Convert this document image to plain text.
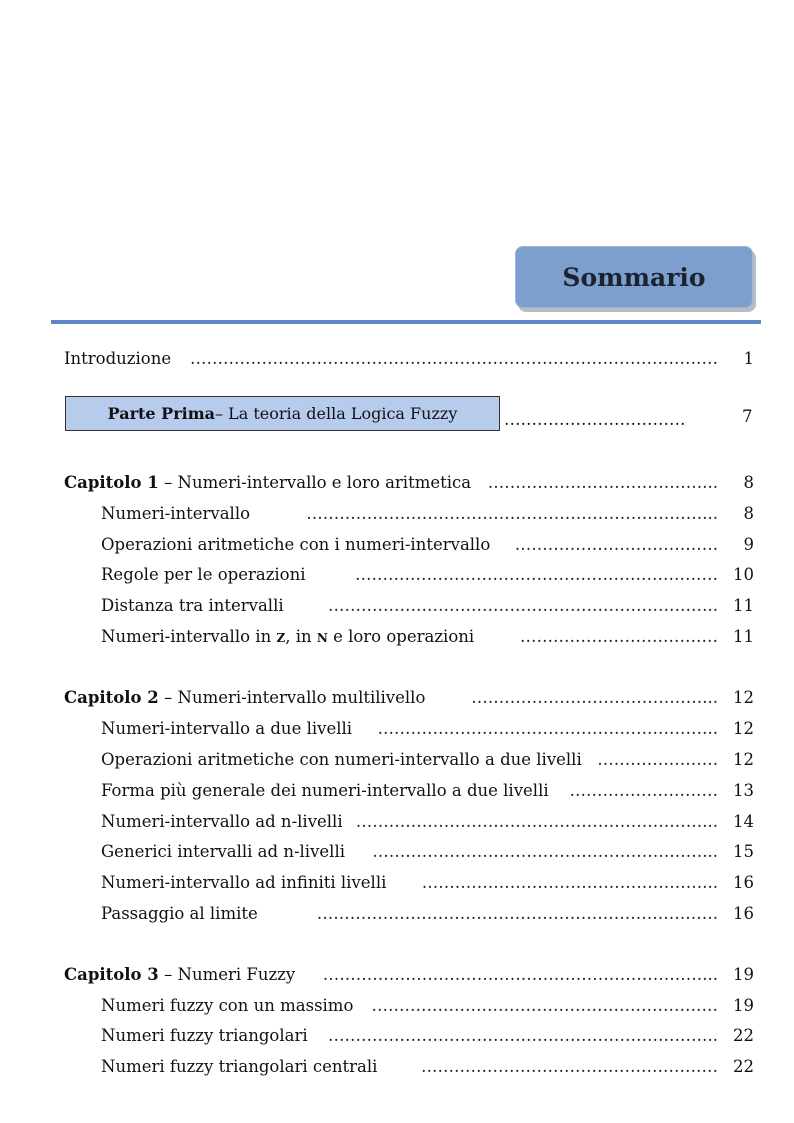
Sommario
Introduzione …………………………………………………………………………………… 1
Parte Prima – La teoria della Logica Fuzzy	……………………………	7
Capitolo 1 – Numeri-intervallo e loro aritmetica …………………………………... 8
Numeri-intervallo	………………………………………………………………... 8
Operazioni aritmetiche con i numeri-intervallo ………………………………. 9
Regole per le operazioni	………………………………………………………… 10
Distanza tra intervalli	…………………………………………………………….. 11
Numeri-intervallo in Z, in N e loro operazioni	……………………………… 11
Capitolo 2 – Numeri-intervallo multilivello	……………………………………... 12
Numeri-intervallo a due livelli …………………………………………………….. 12
Operazioni aritmetiche con numeri-intervallo a due livelli …………………. 12
Forma più generale dei numeri-intervallo a due livelli ……………………… 13
Numeri-intervallo ad n-livelli ………………………………………………………... 14
Generici intervalli ad n-livelli ……………………………………………………... 15
Numeri-intervallo ad infiniti livelli ……………………………………………... 16
Passaggio al limite	………………………………………………………………. 16
Capitolo 3 – Numeri Fuzzy ……………………………………………………………... 19
Numeri fuzzy con un massimo ……………………………………………………… 19
Numeri fuzzy triangolari …………………………………………………………….. 22
Numeri fuzzy triangolari centrali	……………………………………………… 22
